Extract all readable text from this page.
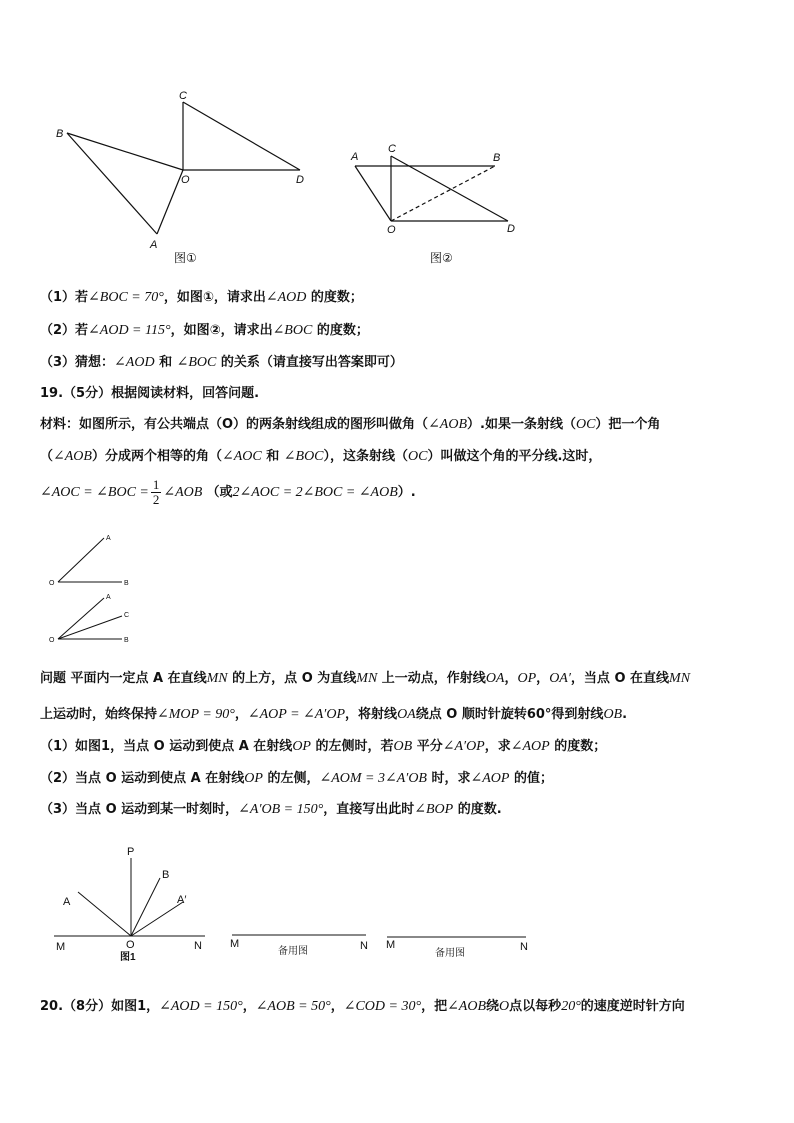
C
B
O	D
A
图①
A
C
B
O	D
图②
（1）若∠BOC = 70°，如图①，请求出∠AOD 的度数；
（2）若∠AOD = 115°，如图②，请求出∠BOC 的度数；
（3）猜想：∠AOD 和 ∠BOC 的关系（请直接写出答案即可）
19.（5分）根据阅读材料，回答问题.
材料：如图所示，有公共端点（O）的两条射线组成的图形叫做角（∠AOB）.如果一条射线（OC）把一个角
（∠AOB）分成两个相等的角（∠AOC 和 ∠BOC），这条射线（OC）叫做这个角的平分线.这时，
∠AOC = ∠BOC = $\frac{1}{2}$ ∠AOB （或2∠AOC = 2∠BOC = ∠AOB）.
O
A
B
O
A
C
B
问题 平面内一定点 A 在直线MN 的上方，点 O 为直线MN 上一动点，作射线OA，OP，OA′，当点 O 在直线MN
上运动时，始终保持∠MOP = 90°，∠AOP = ∠A′OP，将射线OA绕点 O 顺时针旋转60°得到射线OB.
（1）如图1，当点 O 运动到使点 A 在射线OP 的左侧时，若OB 平分∠A′OP，求∠AOP 的度数；
（2）当点 O 运动到使点 A 在射线OP 的左侧，∠AOM = 3∠A′OB 时，求∠AOP 的值；
（3）当点 O 运动到某一时刻时，∠A′OB = 150°，直接写出此时∠BOP 的度数.
P
B
A	A′
M	O	N	M	N M	N
图1
备用图	备用图
20.（8分）如图1，∠AOD = 150°，∠AOB = 50°，∠COD = 30°，把∠AOB绕O点以每秒20°的速度逆时针方向
